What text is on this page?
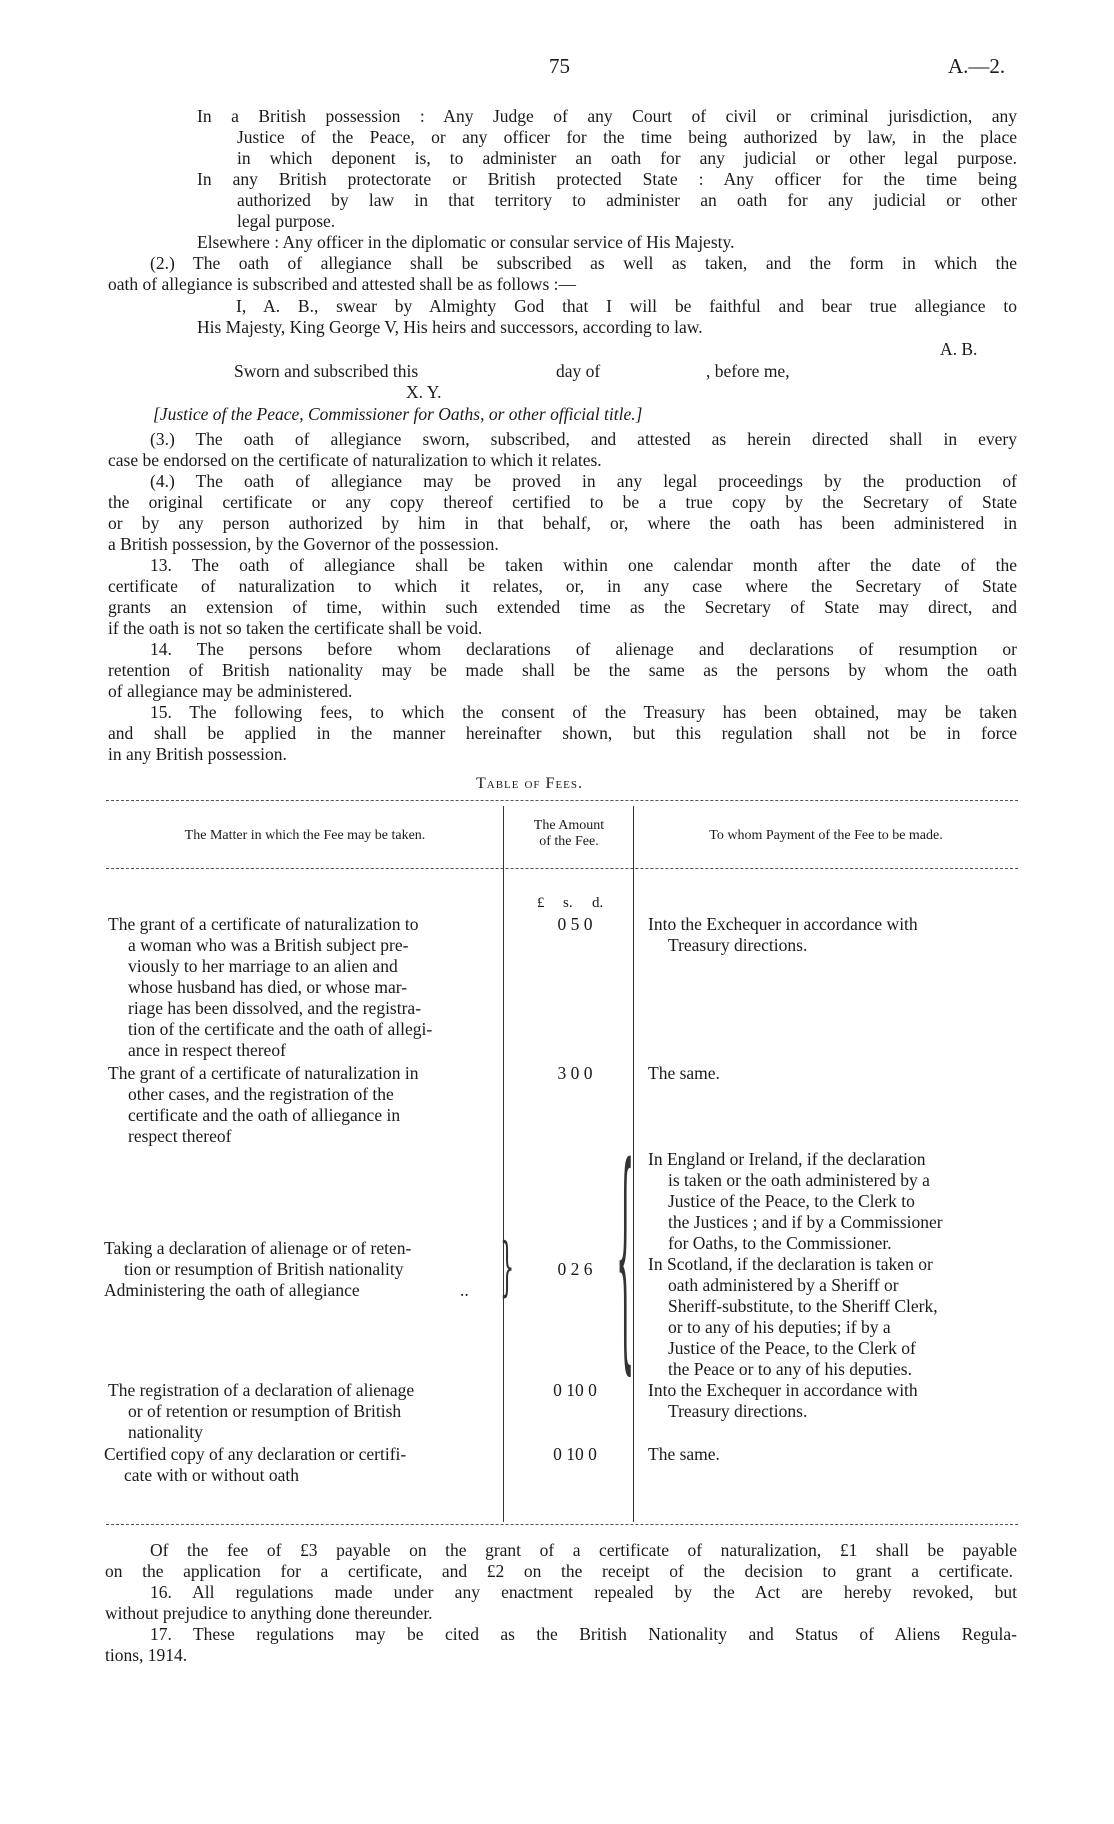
75	A.—2.
In a British possession : Any Judge of any Court of civil or criminal jurisdiction, any
Justice of the Peace, or any officer for the time being authorized by law, in the place
in which deponent is, to administer an oath for any judicial or other legal purpose.
In any British protectorate or British protected State : Any officer for the time being
authorized by law in that territory to administer an oath for any judicial or other
legal purpose.
Elsewhere : Any officer in the diplomatic or consular service of His Majesty.
(2.) The oath of allegiance shall be subscribed as well as taken, and the form in which the
oath of allegiance is subscribed and attested shall be as follows :—
I, A. B., swear by Almighty God that I will be faithful and bear true allegiance to
His Majesty, King George V, His heirs and successors, according to law.
A. B.
Sworn and subscribed this	day of	, before me,
X. Y.
[Justice of the Peace, Commissioner for Oaths, or other official title.]
(3.) The oath of allegiance sworn, subscribed, and attested as herein directed shall in every
case be endorsed on the certificate of naturalization to which it relates.
(4.) The oath of allegiance may be proved in any legal proceedings by the production of
the original certificate or any copy thereof certified to be a true copy by the Secretary of State
or by any person authorized by him in that behalf, or, where the oath has been administered in
a British possession, by the Governor of the possession.
13. The oath of allegiance shall be taken within one calendar month after the date of the
certificate of naturalization to which it relates, or, in any case where the Secretary of State
grants an extension of time, within such extended time as the Secretary of State may direct, and
if the oath is not so taken the certificate shall be void.
14. The persons before whom declarations of alienage and declarations of resumption or
retention of British nationality may be made shall be the same as the persons by whom the oath
of allegiance may be administered.
15. The following fees, to which the consent of the Treasury has been obtained, may be taken
and shall be applied in the manner hereinafter shown, but this regulation shall not be in force
in any British possession.
Table of Fees.
The Matter in which the Fee may be taken.
The Amount
of the Fee.	To whom Payment of the Fee to be made.
£ s. d.
The grant of a certificate of naturalization to
a woman who was a British subject pre-
viously to her marriage to an alien and
whose husband has died, or whose mar-
riage has been dissolved, and the registra-
tion of the certificate and the oath of allegi-
ance in respect thereof
0 5 0	Into the Exchequer in accordance with
Treasury directions.
The grant of a certificate of naturalization in
other cases, and the registration of the
certificate and the oath of alliegance in
respect thereof
3 0 0	The same.
Taking a declaration of alienage or of reten-
tion or resumption of British nationality
Administering the oath of allegiance	.. }	0 2 6 { In England or Ireland, if the declaration
is taken or the oath administered by a
Justice of the Peace, to the Clerk to
the Justices ; and if by a Commissioner
for Oaths, to the Commissioner.
In Scotland, if the declaration is taken or
oath administered by a Sheriff or
Sheriff-substitute, to the Sheriff Clerk,
or to any of his deputies; if by a
Justice of the Peace, to the Clerk of
the Peace or to any of his deputies.
The registration of a declaration of alienage
or of retention or resumption of British
nationality
0 10 0	Into the Exchequer in accordance with
Treasury directions.
Certified copy of any declaration or certifi-
cate with or without oath
0 10 0	The same.
Of the fee of £3 payable on the grant of a certificate of naturalization, £1 shall be payable
on the application for a certificate, and £2 on the receipt of the decision to grant a certificate.
16. All regulations made under any enactment repealed by the Act are hereby revoked, but
without prejudice to anything done thereunder.
17. These regulations may be cited as the British Nationality and Status of Aliens Regula-
tions, 1914.
